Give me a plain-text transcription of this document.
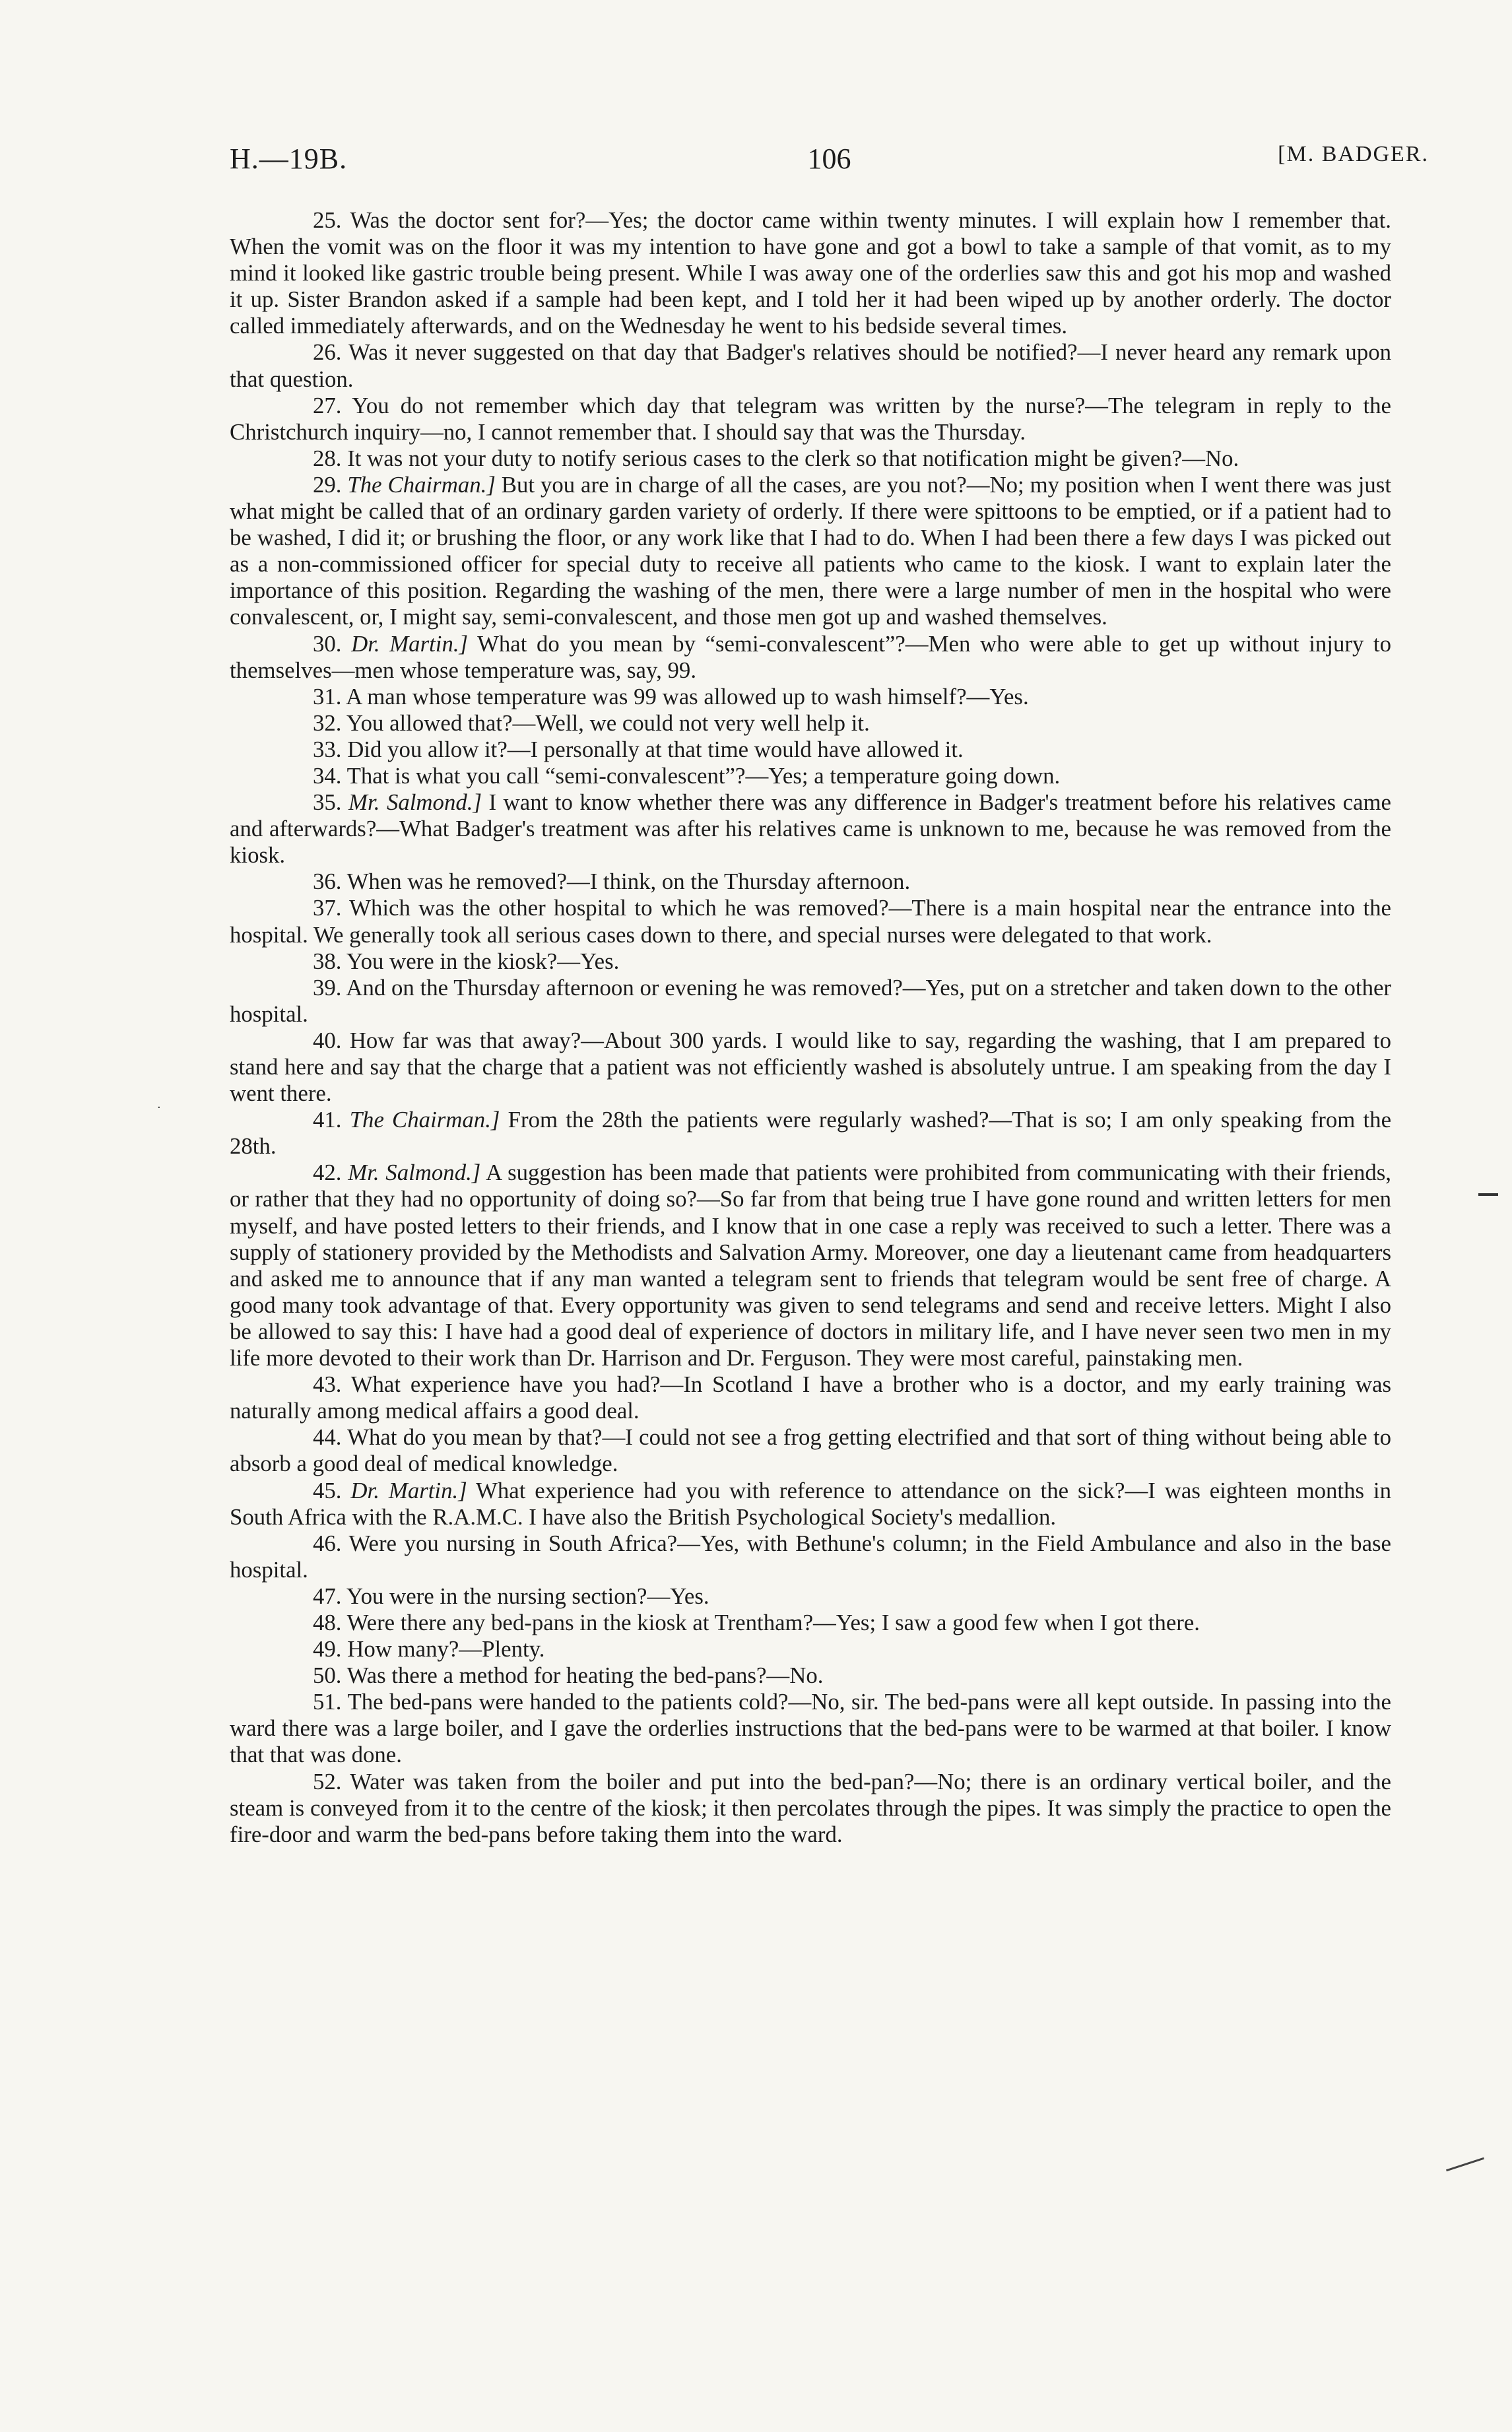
H.—19B.	106	[M. BADGER.

25. Was the doctor sent for?—Yes; the doctor came within twenty minutes. I will explain how I remember that. When the vomit was on the floor it was my intention to have gone and got a bowl to take a sample of that vomit, as to my mind it looked like gastric trouble being present. While I was away one of the orderlies saw this and got his mop and washed it up. Sister Brandon asked if a sample had been kept, and I told her it had been wiped up by another orderly. The doctor called immediately afterwards, and on the Wednesday he went to his bedside several times.

26. Was it never suggested on that day that Badger's relatives should be notified?—I never heard any remark upon that question.

27. You do not remember which day that telegram was written by the nurse?—The telegram in reply to the Christchurch inquiry—no, I cannot remember that. I should say that was the Thursday.

28. It was not your duty to notify serious cases to the clerk so that notification might be given?—No.

29. The Chairman.] But you are in charge of all the cases, are you not?—No; my position when I went there was just what might be called that of an ordinary garden variety of orderly. If there were spittoons to be emptied, or if a patient had to be washed, I did it; or brushing the floor, or any work like that I had to do. When I had been there a few days I was picked out as a non-commissioned officer for special duty to receive all patients who came to the kiosk. I want to explain later the importance of this position. Regarding the washing of the men, there were a large number of men in the hospital who were convalescent, or, I might say, semi-convalescent, and those men got up and washed themselves.

30. Dr. Martin.] What do you mean by “semi-convalescent”?—Men who were able to get up without injury to themselves—men whose temperature was, say, 99.

31. A man whose temperature was 99 was allowed up to wash himself?—Yes.

32. You allowed that?—Well, we could not very well help it.

33. Did you allow it?—I personally at that time would have allowed it.

34. That is what you call “semi-convalescent”?—Yes; a temperature going down.

35. Mr. Salmond.] I want to know whether there was any difference in Badger's treatment before his relatives came and afterwards?—What Badger's treatment was after his relatives came is unknown to me, because he was removed from the kiosk.

36. When was he removed?—I think, on the Thursday afternoon.

37. Which was the other hospital to which he was removed?—There is a main hospital near the entrance into the hospital. We generally took all serious cases down to there, and special nurses were delegated to that work.

38. You were in the kiosk?—Yes.

39. And on the Thursday afternoon or evening he was removed?—Yes, put on a stretcher and taken down to the other hospital.

40. How far was that away?—About 300 yards. I would like to say, regarding the washing, that I am prepared to stand here and say that the charge that a patient was not efficiently washed is absolutely untrue. I am speaking from the day I went there.

41. The Chairman.] From the 28th the patients were regularly washed?—That is so; I am only speaking from the 28th.

42. Mr. Salmond.] A suggestion has been made that patients were prohibited from communicating with their friends, or rather that they had no opportunity of doing so?—So far from that being true I have gone round and written letters for men myself, and have posted letters to their friends, and I know that in one case a reply was received to such a letter. There was a supply of stationery provided by the Methodists and Salvation Army. Moreover, one day a lieutenant came from headquarters and asked me to announce that if any man wanted a telegram sent to friends that telegram would be sent free of charge. A good many took advantage of that. Every opportunity was given to send telegrams and send and receive letters. Might I also be allowed to say this: I have had a good deal of experience of doctors in military life, and I have never seen two men in my life more devoted to their work than Dr. Harrison and Dr. Ferguson. They were most careful, painstaking men.

43. What experience have you had?—In Scotland I have a brother who is a doctor, and my early training was naturally among medical affairs a good deal.

44. What do you mean by that?—I could not see a frog getting electrified and that sort of thing without being able to absorb a good deal of medical knowledge.

45. Dr. Martin.] What experience had you with reference to attendance on the sick?—I was eighteen months in South Africa with the R.A.M.C. I have also the British Psychological Society's medallion.

46. Were you nursing in South Africa?—Yes, with Bethune's column; in the Field Ambulance and also in the base hospital.

47. You were in the nursing section?—Yes.

48. Were there any bed-pans in the kiosk at Trentham?—Yes; I saw a good few when I got there.

49. How many?—Plenty.

50. Was there a method for heating the bed-pans?—No.

51. The bed-pans were handed to the patients cold?—No, sir. The bed-pans were all kept outside. In passing into the ward there was a large boiler, and I gave the orderlies instructions that the bed-pans were to be warmed at that boiler. I know that that was done.

52. Water was taken from the boiler and put into the bed-pan?—No; there is an ordinary vertical boiler, and the steam is conveyed from it to the centre of the kiosk; it then percolates through the pipes. It was simply the practice to open the fire-door and warm the bed-pans before taking them into the ward.

·
